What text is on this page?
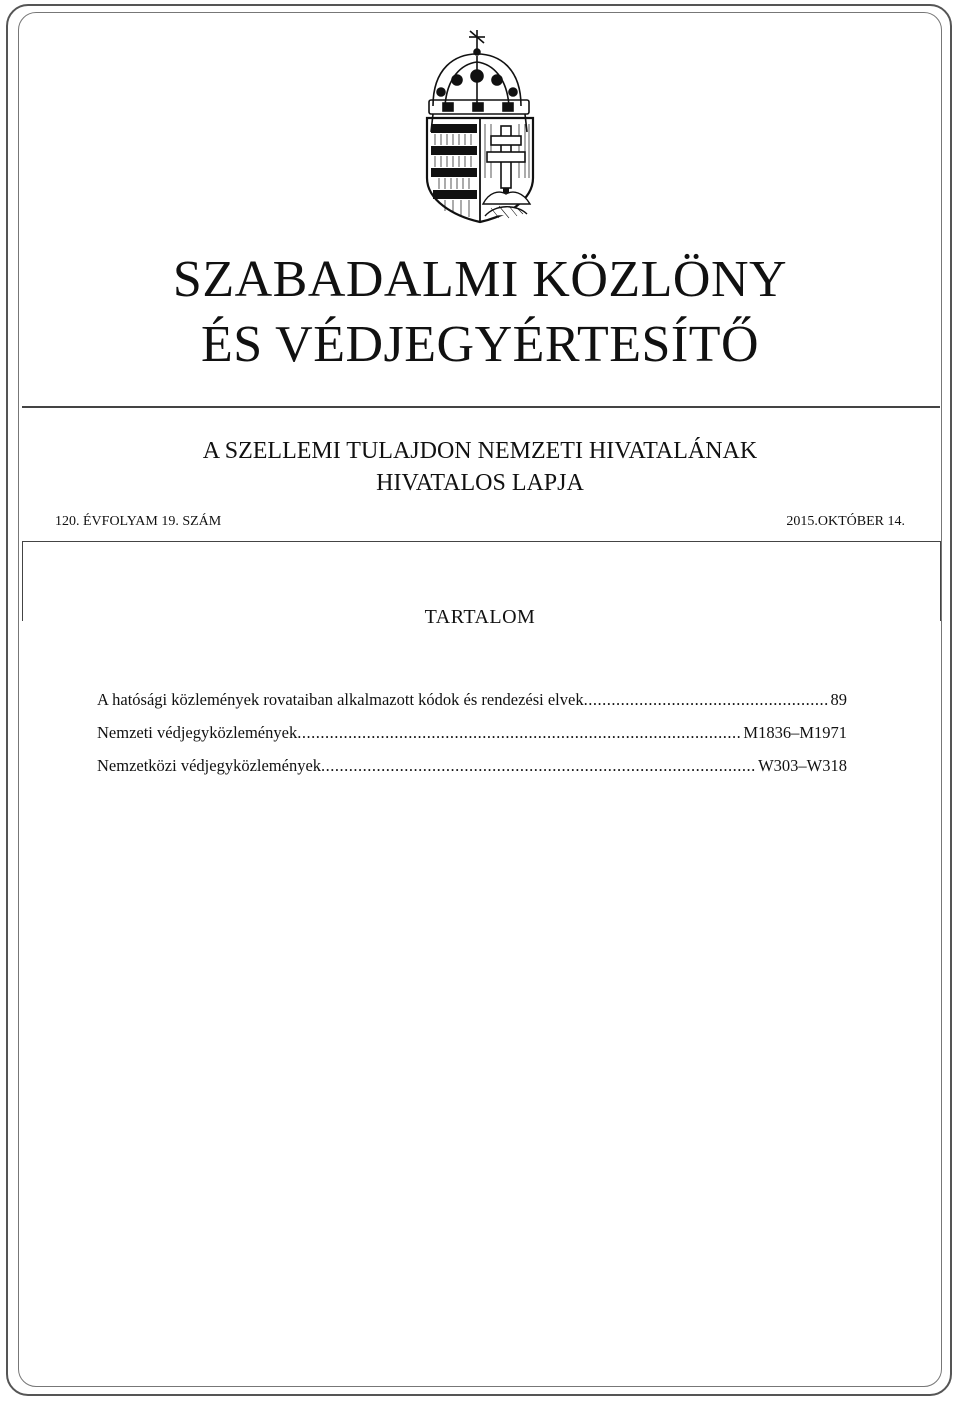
SZABADALMI KÖZLÖNY
ÉS VÉDJEGYÉRTESÍTŐ
A SZELLEMI TULAJDON NEMZETI HIVATALÁNAK
HIVATALOS LAPJA
120. ÉVFOLYAM 19. SZÁM	2015.OKTÓBER 14.
TARTALOM
A hatósági közlemények rovataiban alkalmazott kódok és rendezési elvek .....	89
Nemzeti védjegyközlemények .....	M1836–M1971
Nemzetközi védjegyközlemények .....	W303–W318
